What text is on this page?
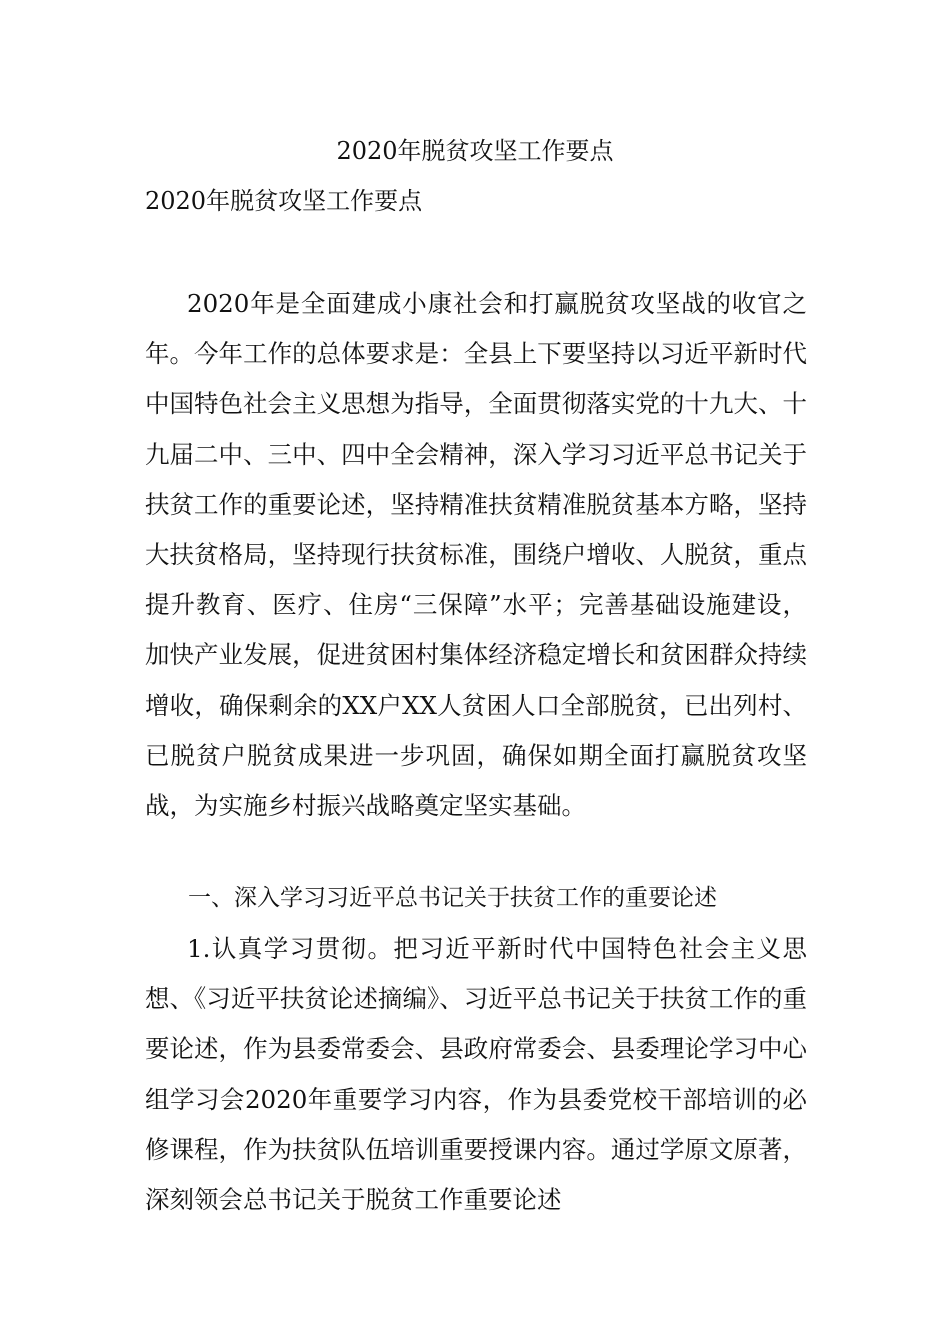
2020年脱贫攻坚工作要点
2020年脱贫攻坚工作要点

2020年是全面建成小康社会和打赢脱贫攻坚战的收官之年。今年工作的总体要求是：全县上下要坚持以习近平新时代中国特色社会主义思想为指导，全面贯彻落实党的十九大、十九届二中、三中、四中全会精神，深入学习习近平总书记关于扶贫工作的重要论述，坚持精准扶贫精准脱贫基本方略，坚持大扶贫格局，坚持现行扶贫标准，围绕户增收、人脱贫，重点提升教育、医疗、住房“三保障”水平；完善基础设施建设，加快产业发展，促进贫困村集体经济稳定增长和贫困群众持续增收，确保剩余的XX户XX人贫困人口全部脱贫，已出列村、已脱贫户脱贫成果进一步巩固，确保如期全面打赢脱贫攻坚战，为实施乡村振兴战略奠定坚实基础。

一、深入学习习近平总书记关于扶贫工作的重要论述

1.认真学习贯彻。把习近平新时代中国特色社会主义思想、《习近平扶贫论述摘编》、习近平总书记关于扶贫工作的重要论述，作为县委常委会、县政府常委会、县委理论学习中心组学习会2020年重要学习内容，作为县委党校干部培训的必修课程，作为扶贫队伍培训重要授课内容。通过学原文原著，深刻领会总书记关于脱贫工作重要论述
